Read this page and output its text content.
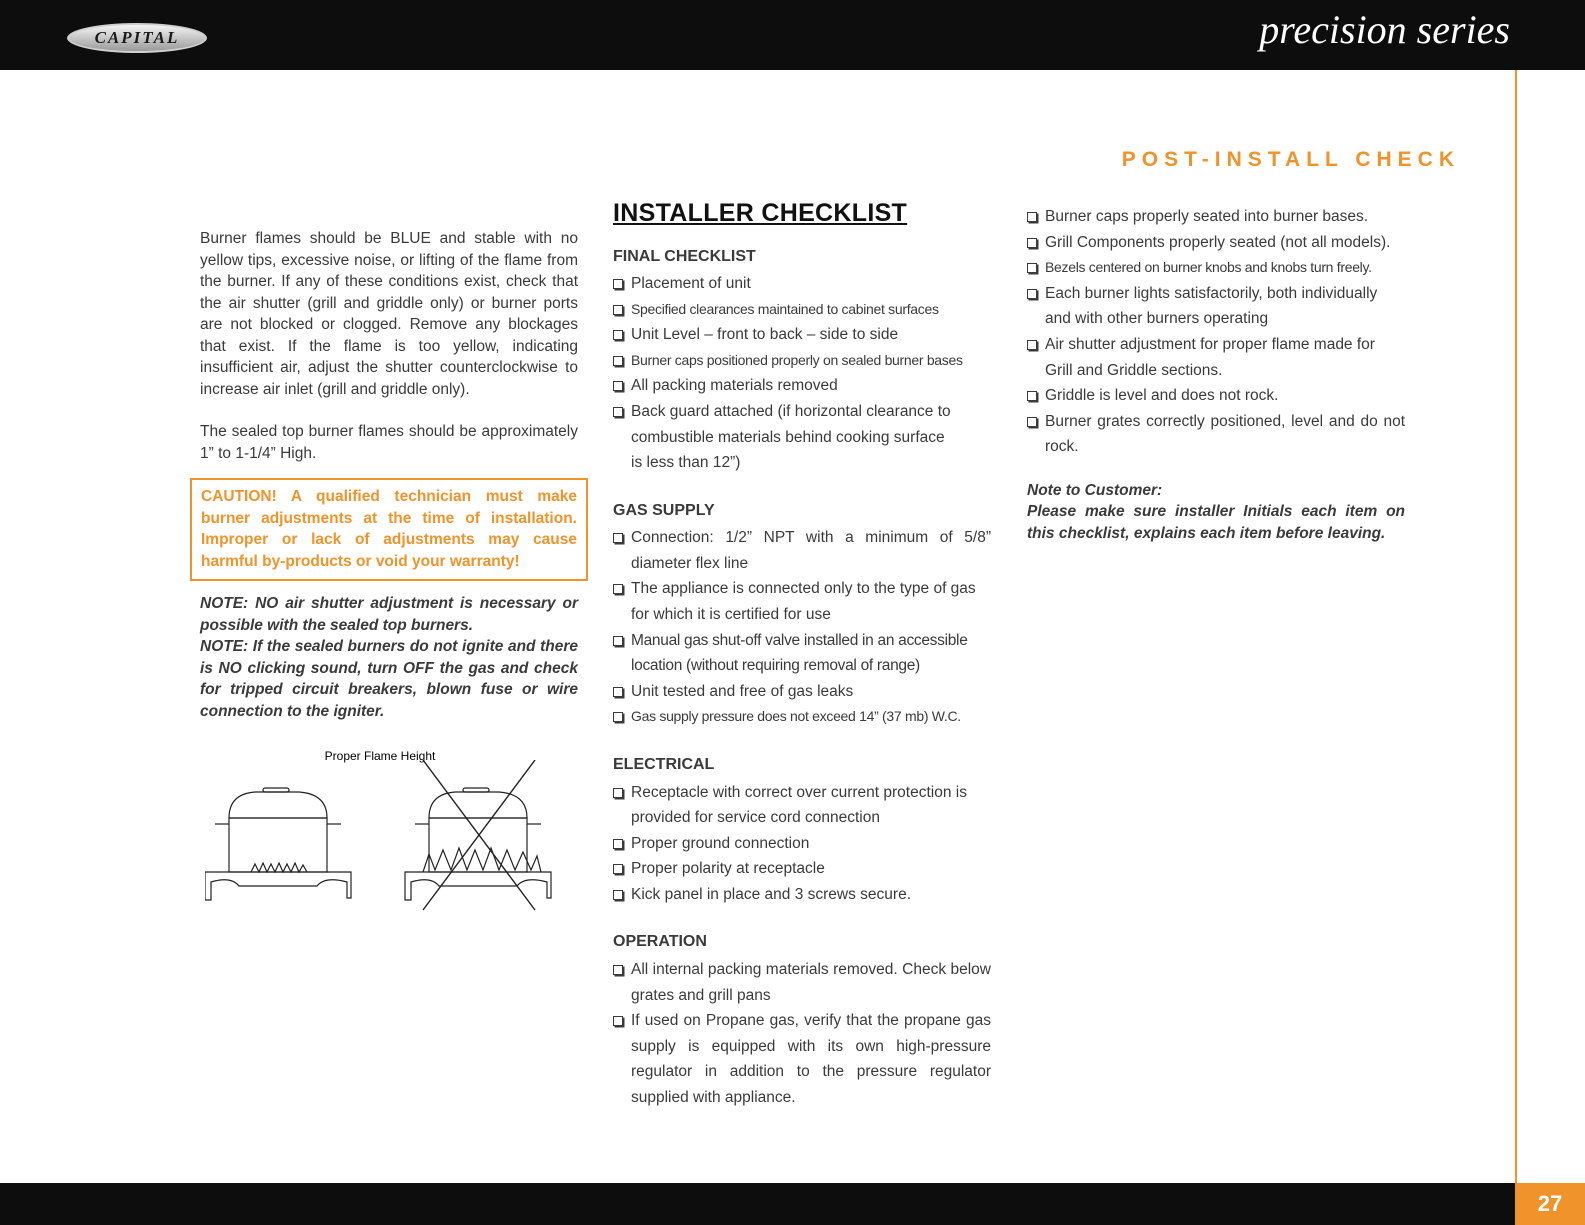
CAPITAL	precision series
POST-INSTALL CHECK

Burner flames should be BLUE and stable with no yellow tips, excessive noise, or lifting of the flame from the burner. If any of these conditions exist, check that the air shutter (grill and griddle only) or burner ports are not blocked or clogged. Remove any blockages that exist. If the flame is too yellow, indicating insufficient air, adjust the shutter counterclockwise to increase air inlet (grill and griddle only).

The sealed top burner flames should be approximately 1” to 1-1/4” High.

CAUTION! A qualified technician must make burner adjustments at the time of installation. Improper or lack of adjustments may cause harmful by-products or void your warranty!

NOTE: NO air shutter adjustment is necessary or possible with the sealed top burners.

NOTE: If the sealed burners do not ignite and there is NO clicking sound, turn OFF the gas and check for tripped circuit breakers, blown fuse or wire connection to the igniter.

Proper Flame Height
INSTALLER CHECKLIST
FINAL CHECKLIST
Placement of unit
Specified clearances maintained to cabinet surfaces
Unit Level – front to back – side to side
Burner caps positioned properly on sealed burner bases
All packing materials removed
Back guard attached (if horizontal clearance to combustible materials behind cooking surface is less than 12”)
GAS SUPPLY
Connection: 1/2” NPT with a minimum of 5/8” diameter flex line
The appliance is connected only to the type of gas for which it is certified for use
Manual gas shut-off valve installed in an accessible location (without requiring removal of range)
Unit tested and free of gas leaks
Gas supply pressure does not exceed 14” (37 mb) W.C.
ELECTRICAL
Receptacle with correct over current protection is provided for service cord connection
Proper ground connection
Proper polarity at receptacle
Kick panel in place and 3 screws secure.
OPERATION
All internal packing materials removed. Check below grates and grill pans
If used on Propane gas, verify that the propane gas supply is equipped with its own high-pressure regulator in addition to the pressure regulator supplied with appliance.
Burner caps properly seated into burner bases.
Grill Components properly seated (not all models).
Bezels centered on burner knobs and knobs turn freely.
Each burner lights satisfactorily, both individually and with other burners operating
Air shutter adjustment for proper flame made for Grill and Griddle sections.
Griddle is level and does not rock.
Burner grates correctly positioned, level and do not rock.

Note to Customer:

Please make sure installer Initials each item on this checklist, explains each item before leaving.

27
